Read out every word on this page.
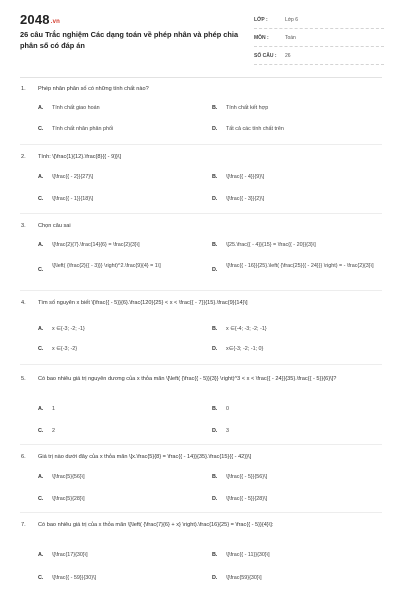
2048.vn
26 câu Trắc nghiệm Các dạng toán về phép nhân và phép chia phân số có đáp án
LỚP :	Lớp 6
MÔN :	Toán
SỐ CÂU : 26
1. Phép nhân phân số có những tính chất nào?
A. Tính chất giao hoán	B. Tính chất kết hợp
C. Tính chất nhân phân phối	D. Tất cả các tính chất trên
2. Tính: \[\frac{1}{12}.\frac{8}{{ - 9}}\]
A. \[\frac{{ - 2}}{27}\]	B. \[\frac{{ - 4}}{9}\]
C. \[\frac{{ - 1}}{18}\]	D. \[\frac{{ - 3}}{2}\]
3. Chọn câu sai
A. \[\frac{2}{7}.\frac{14}{6} = \frac{2}{3}\]	B. \[25.\frac{{ - 4}}{15} = \frac{{ - 20}}{3}\]
C.
\[\left( {\frac{2}{{ - 3}}} \right)^2.\frac{9}{4} = 1\]
D.
\[\frac{{ - 16}}{25}.\left( {\frac{25}{{ - 24}}} \right) = - \frac{2}{3}\]
4. Tìm số nguyên x biết \[\frac{{ - 5}}{6}.\frac{120}{25} < x < \frac{{ - 7}}{15}.\frac{9}{14}\]
A. x ∈{-3; -2; -1}	B. x ∈{-4; -3; -2; -1}
C. x ∈{-3; -2}	D. x∈{-3; -2; -1; 0}
5. Có bao nhiêu giá trị nguyên dương của x thỏa mãn \[\left( {\frac{{ - 5}}{3}} \right)^3 < x < \frac{{ - 24}}{35}.\frac{{ - 5}}{6}\]?
A. 1	B. 0
C. 2	D. 3
6. Giá trị nào dưới đây của x thỏa mãn \[x.\frac{5}{8} = \frac{{ - 14}}{35}.\frac{15}{{ - 42}}\]
A. \[\frac{5}{56}\]	B. \[\frac{{ - 5}}{56}\]
C. \[\frac{5}{28}\]	D. \[\frac{{ - 5}}{28}\]
7. Có bao nhiêu giá trị của x thỏa mãn \[\left( {\frac{7}{6} + x} \right).\frac{16}{25} = \frac{{ - 5}}{4}\]:
A. \[\frac{17}{30}\]	B. \[\frac{{ - 11}}{30}\]
C. \[\frac{{ - 59}}{30}\]	D. \[\frac{59}{30}\]
